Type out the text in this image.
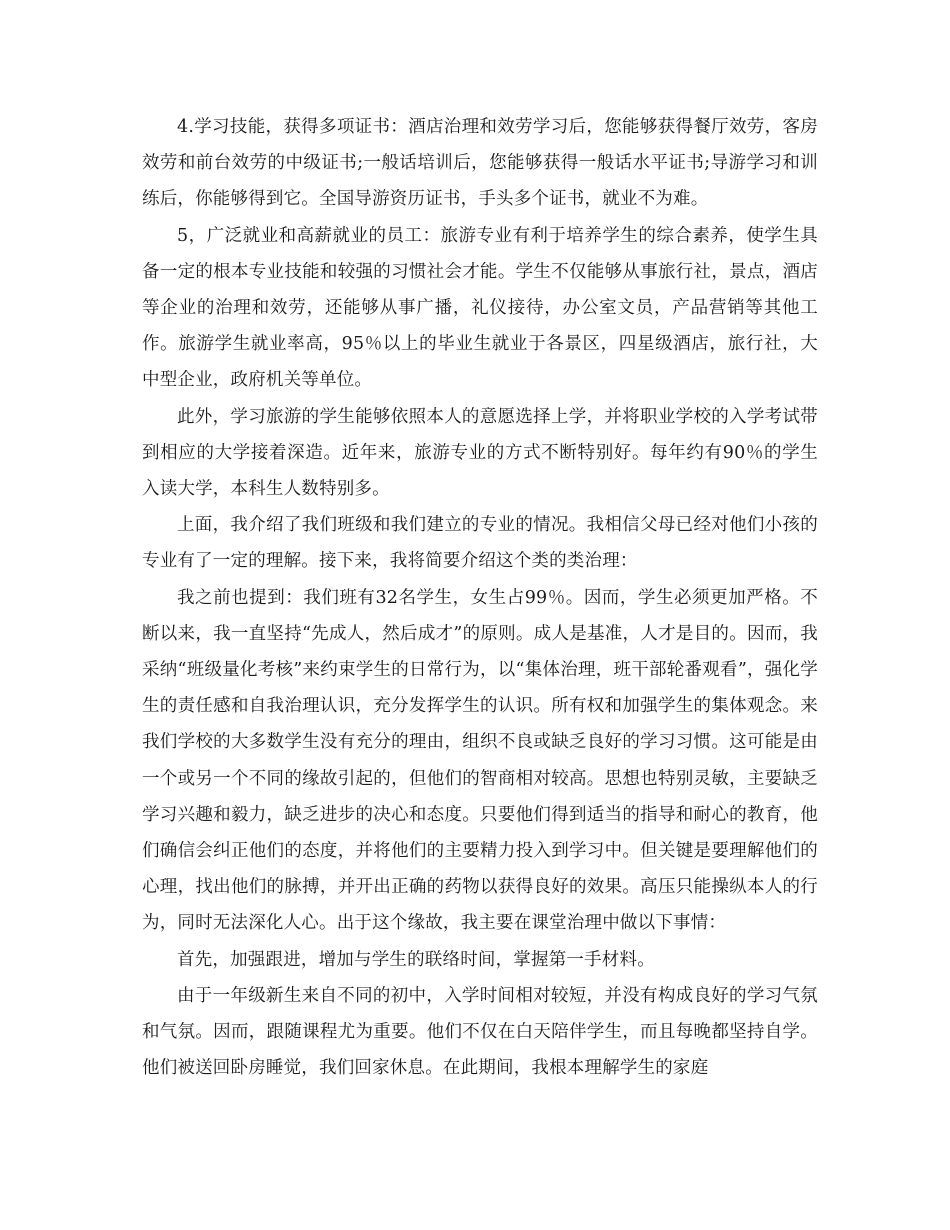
4.学习技能，获得多项证书：酒店治理和效劳学习后，您能够获得餐厅效劳，客房效劳和前台效劳的中级证书;一般话培训后，您能够获得一般话水平证书;导游学习和训练后，你能够得到它。全国导游资历证书，手头多个证书，就业不为难。

5，广泛就业和高薪就业的员工：旅游专业有利于培养学生的综合素养，使学生具备一定的根本专业技能和较强的习惯社会才能。学生不仅能够从事旅行社，景点，酒店等企业的治理和效劳，还能够从事广播，礼仪接待，办公室文员，产品营销等其他工作。旅游学生就业率高，95％以上的毕业生就业于各景区，四星级酒店，旅行社，大中型企业，政府机关等单位。

此外，学习旅游的学生能够依照本人的意愿选择上学，并将职业学校的入学考试带到相应的大学接着深造。近年来，旅游专业的方式不断特别好。每年约有90％的学生入读大学，本科生人数特别多。

上面，我介绍了我们班级和我们建立的专业的情况。我相信父母已经对他们小孩的专业有了一定的理解。接下来，我将简要介绍这个类的类治理：

我之前也提到：我们班有32名学生，女生占99％。因而，学生必须更加严格。不断以来，我一直坚持“先成人，然后成才”的原则。成人是基准，人才是目的。因而，我采纳“班级量化考核”来约束学生的日常行为，以“集体治理，班干部轮番观看”，强化学生的责任感和自我治理认识，充分发挥学生的认识。所有权和加强学生的集体观念。来我们学校的大多数学生没有充分的理由，组织不良或缺乏良好的学习习惯。这可能是由一个或另一个不同的缘故引起的，但他们的智商相对较高。思想也特别灵敏，主要缺乏学习兴趣和毅力，缺乏进步的决心和态度。只要他们得到适当的指导和耐心的教育，他们确信会纠正他们的态度，并将他们的主要精力投入到学习中。但关键是要理解他们的心理，找出他们的脉搏，并开出正确的药物以获得良好的效果。高压只能操纵本人的行为，同时无法深化人心。出于这个缘故，我主要在课堂治理中做以下事情：

首先，加强跟进，增加与学生的联络时间，掌握第一手材料。

由于一年级新生来自不同的初中，入学时间相对较短，并没有构成良好的学习气氛和气氛。因而，跟随课程尤为重要。他们不仅在白天陪伴学生，而且每晚都坚持自学。他们被送回卧房睡觉，我们回家休息。在此期间，我根本理解学生的家庭
